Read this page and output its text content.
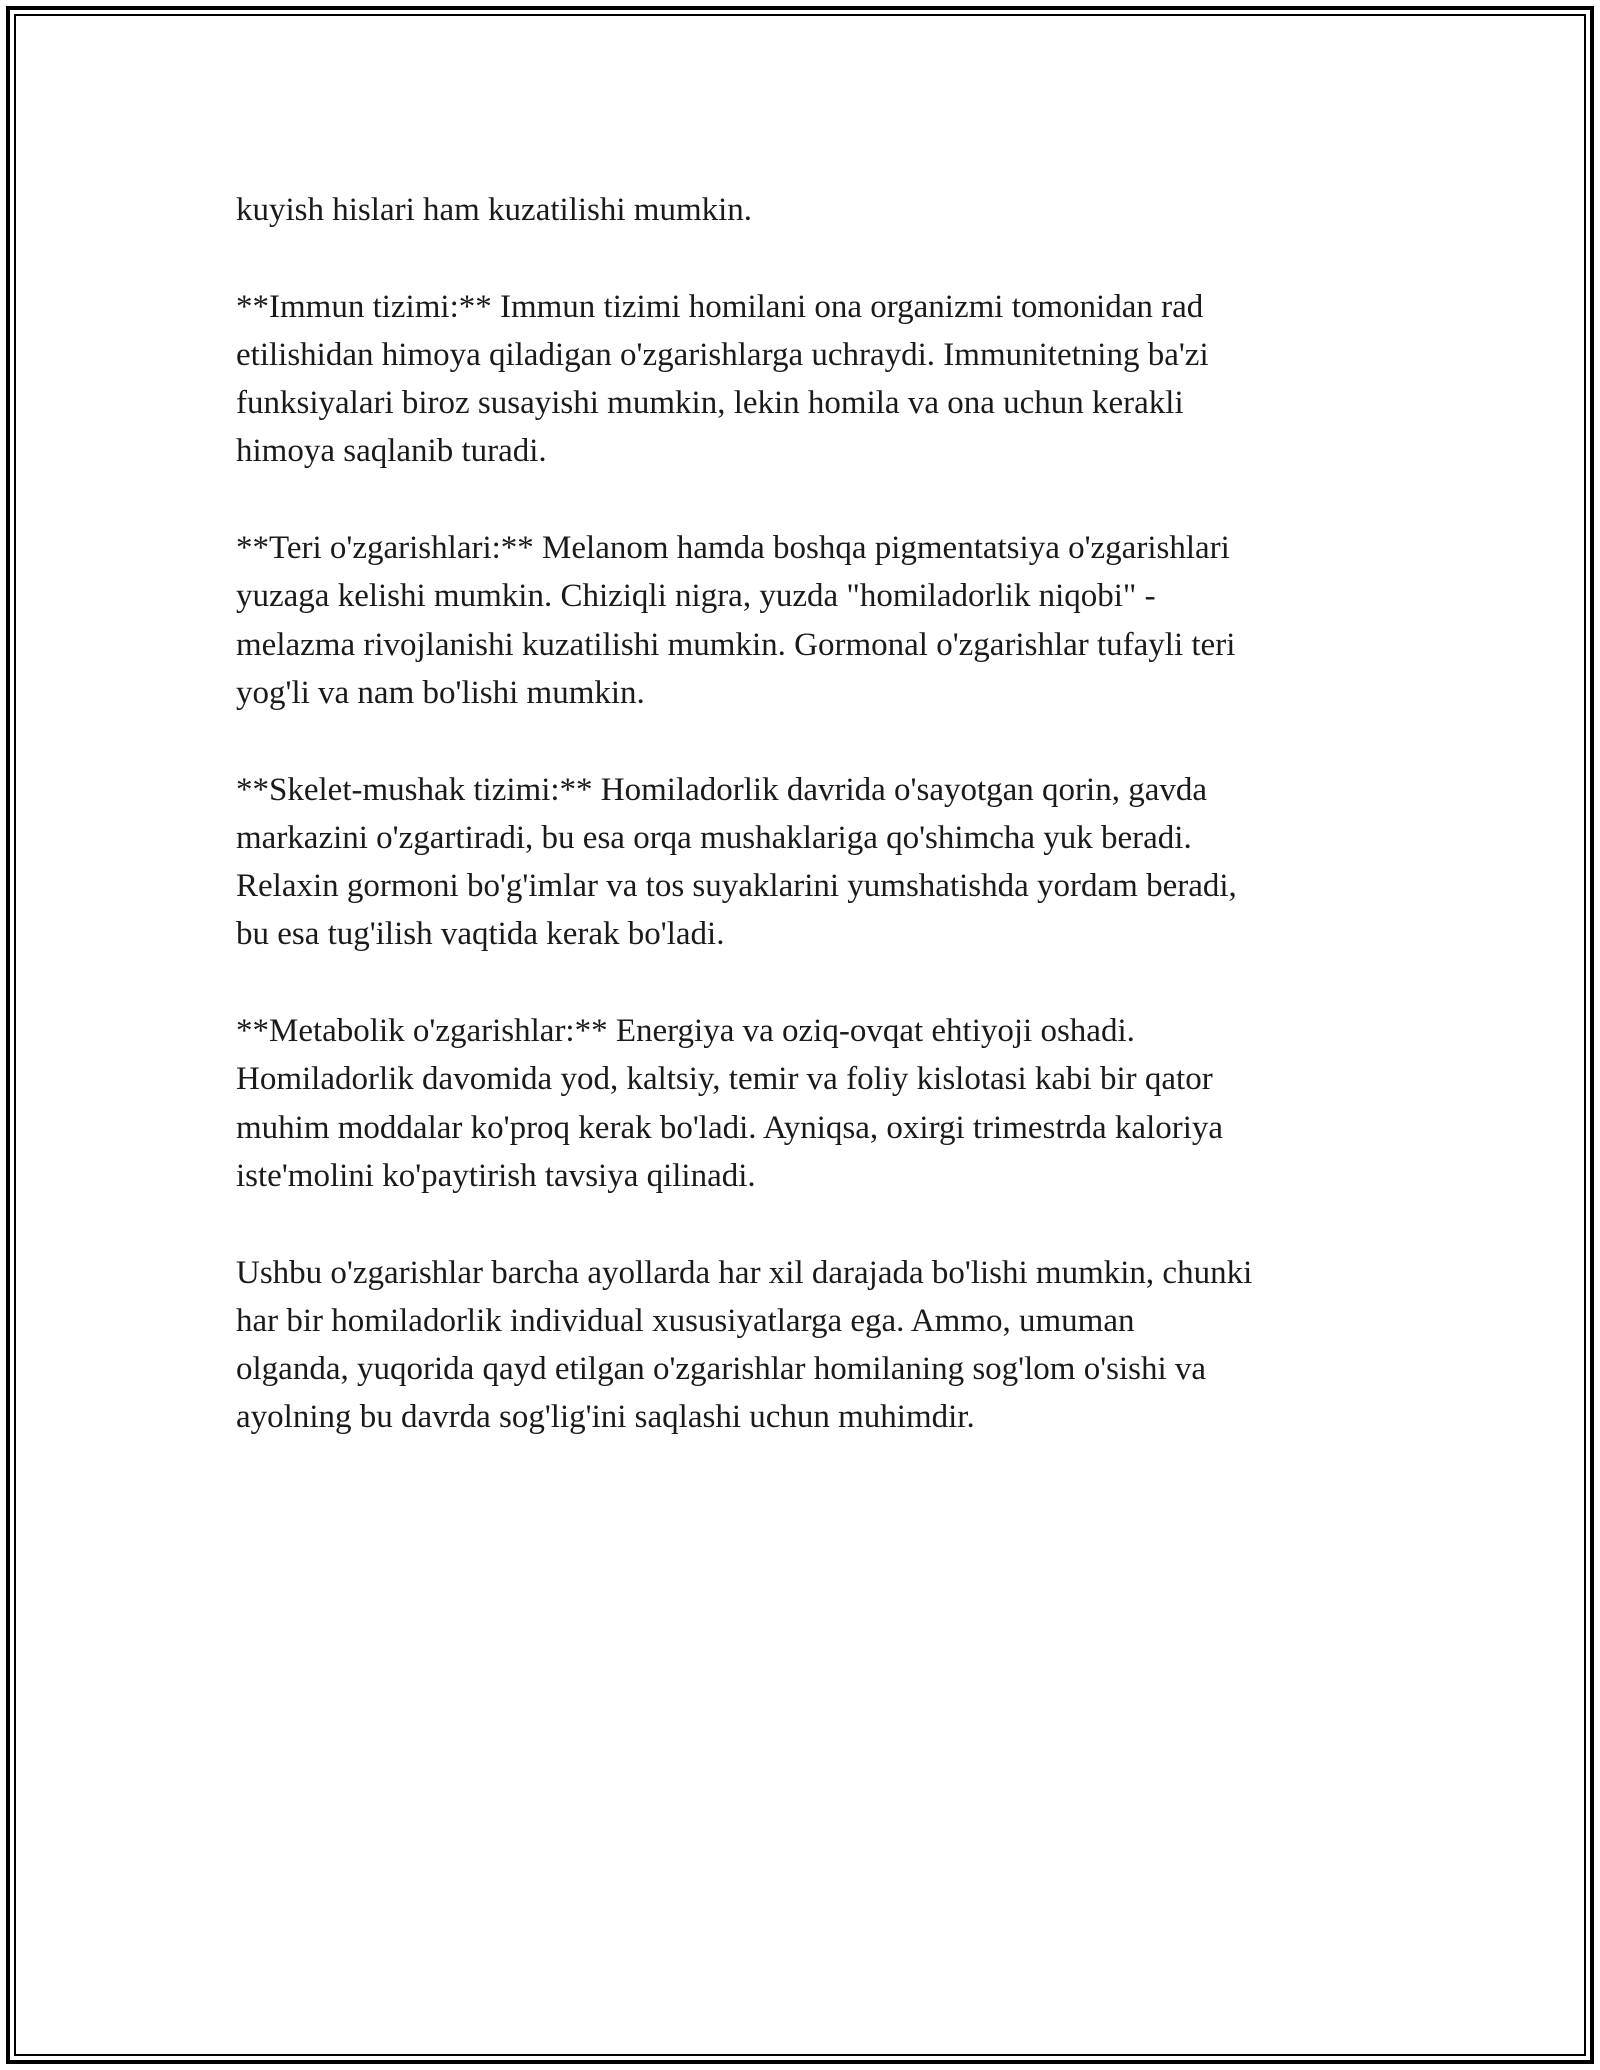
kuyish hislari ham kuzatilishi mumkin.

**Immun tizimi:** Immun tizimi homilani ona organizmi tomonidan rad
etilishidan himoya qiladigan o'zgarishlarga uchraydi. Immunitetning ba'zi
funksiyalari biroz susayishi mumkin, lekin homila va ona uchun kerakli
himoya saqlanib turadi.

**Teri o'zgarishlari:** Melanom hamda boshqa pigmentatsiya o'zgarishlari
yuzaga kelishi mumkin. Chiziqli nigra, yuzda "homiladorlik niqobi" -
melazma rivojlanishi kuzatilishi mumkin. Gormonal o'zgarishlar tufayli teri
yog'li va nam bo'lishi mumkin.

**Skelet-mushak tizimi:** Homiladorlik davrida o'sayotgan qorin, gavda
markazini o'zgartiradi, bu esa orqa mushaklariga qo'shimcha yuk beradi.
Relaxin gormoni bo'g'imlar va tos suyaklarini yumshatishda yordam beradi,
bu esa tug'ilish vaqtida kerak bo'ladi.

**Metabolik o'zgarishlar:** Energiya va oziq-ovqat ehtiyoji oshadi.
Homiladorlik davomida yod, kaltsiy, temir va foliy kislotasi kabi bir qator
muhim moddalar ko'proq kerak bo'ladi. Ayniqsa, oxirgi trimestrda kaloriya
iste'molini ko'paytirish tavsiya qilinadi.

Ushbu o'zgarishlar barcha ayollarda har xil darajada bo'lishi mumkin, chunki
har bir homiladorlik individual xususiyatlarga ega. Ammo, umuman
olganda, yuqorida qayd etilgan o'zgarishlar homilaning sog'lom o'sishi va
ayolning bu davrda sog'lig'ini saqlashi uchun muhimdir.
